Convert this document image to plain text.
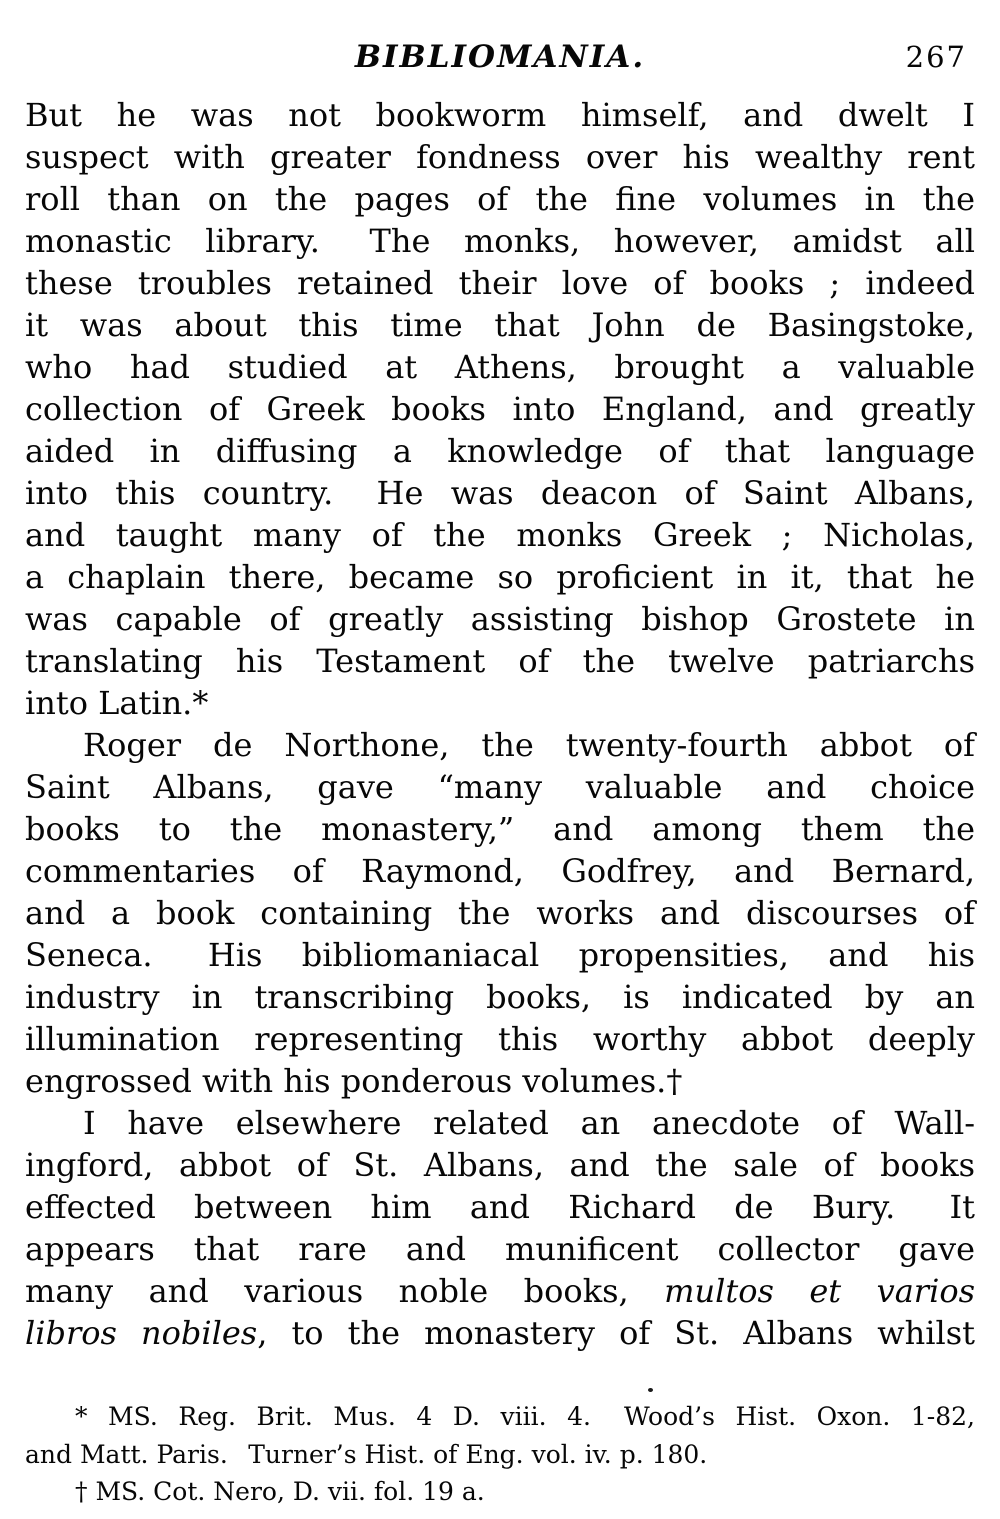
BIBLIOMANIA.	267
But he was not bookworm himself, and dwelt I
suspect with greater fondness over his wealthy rent
roll than on the pages of the fine volumes in the
monastic library.  The monks, however, amidst all
these troubles retained their love of books ; indeed
it was about this time that John de Basingstoke,
who had studied at Athens, brought a valuable
collection of Greek books into England, and greatly
aided in diffusing a knowledge of that language
into this country.  He was deacon of Saint Albans,
and taught many of the monks Greek ; Nicholas,
a chaplain there, became so proficient in it, that he
was capable of greatly assisting bishop Grostete in
translating his Testament of the twelve patriarchs
into Latin.*
Roger de Northone, the twenty-fourth abbot of
Saint Albans, gave “many valuable and choice
books to the monastery,” and among them the
commentaries of Raymond, Godfrey, and Bernard,
and a book containing the works and discourses of
Seneca.  His bibliomaniacal propensities, and his
industry in transcribing books, is indicated by an
illumination representing this worthy abbot deeply
engrossed with his ponderous volumes.†
I have elsewhere related an anecdote of Wall-
ingford, abbot of St. Albans, and the sale of books
effected between him and Richard de Bury.  It
appears that rare and munificent collector gave
many and various noble books, multos et varios
libros nobiles, to the monastery of St. Albans whilst
* MS. Reg. Brit. Mus. 4 D. viii. 4.  Wood’s Hist. Oxon. 1-82,
and Matt. Paris.  Turner’s Hist. of Eng. vol. iv. p. 180.
† MS. Cot. Nero, D. vii. fol. 19 a.
